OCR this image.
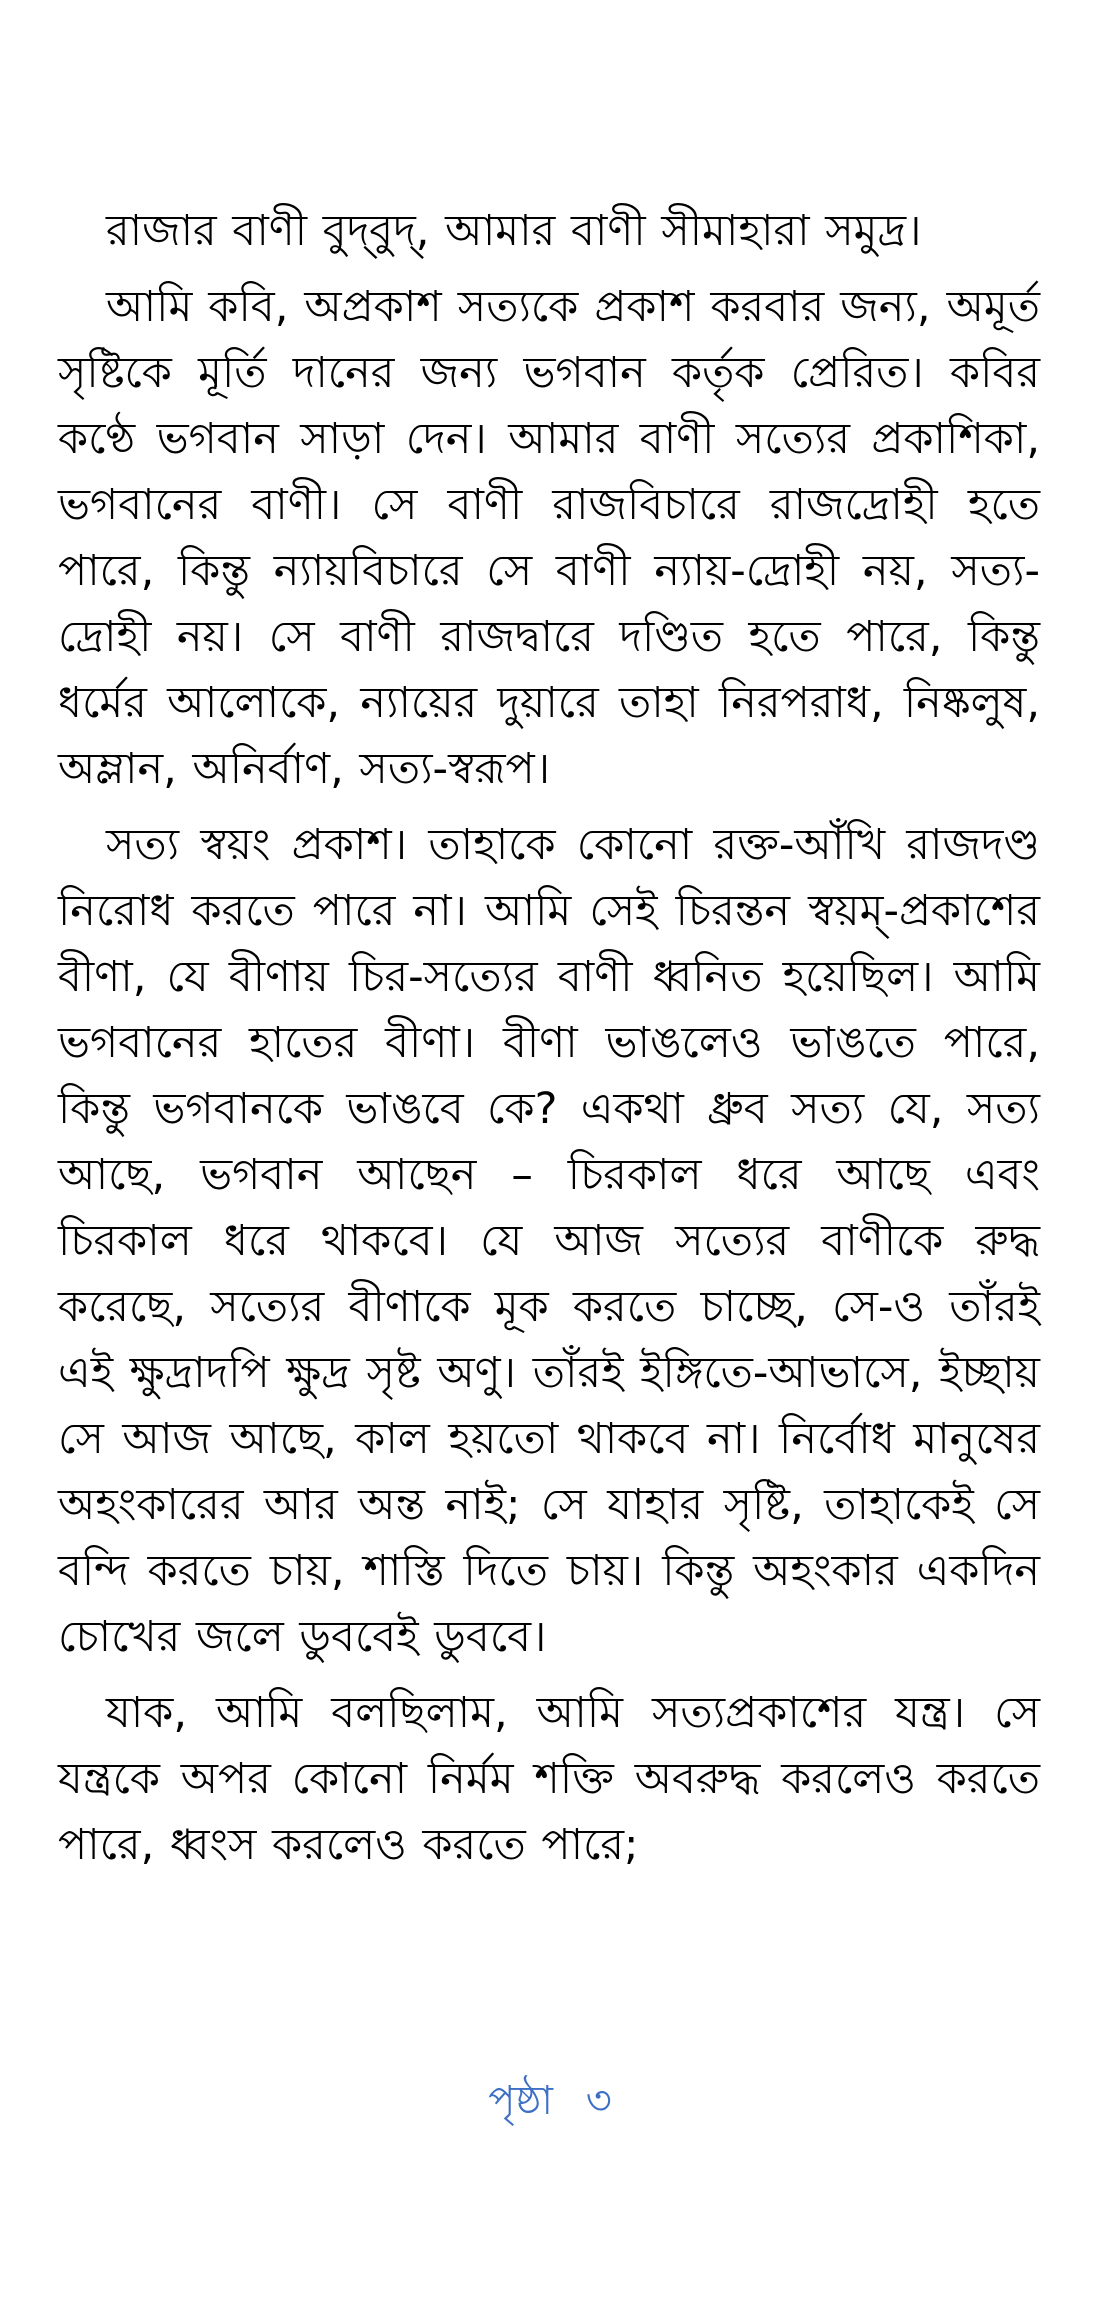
রাজার বাণী বুদ্‌বুদ্‌, আমার বাণী সীমাহারা সমুদ্র।

আমি কবি, অপ্রকাশ সত্যকে প্রকাশ করবার জন্য, অমূর্ত সৃষ্টিকে মূর্তি দানের জন্য ভগবান কর্তৃক প্রেরিত। কবির কণ্ঠে ভগবান সাড়া দেন। আমার বাণী সত্যের প্রকাশিকা, ভগবানের বাণী। সে বাণী রাজবিচারে রাজদ্রোহী হতে পারে, কিন্তু ন্যায়বিচারে সে বাণী ন্যায়-দ্রোহী নয়, সত্য-দ্রোহী নয়। সে বাণী রাজদ্বারে দণ্ডিত হতে পারে, কিন্তু ধর্মের আলোকে, ন্যায়ের দুয়ারে তাহা নিরপরাধ, নিষ্কলুষ, অম্লান, অনির্বাণ, সত্য-স্বরূপ।

সত্য স্বয়ং প্রকাশ। তাহাকে কোনো রক্ত-আঁখি রাজদণ্ড নিরোধ করতে পারে না। আমি সেই চিরন্তন স্বয়ম্‌-প্রকাশের বীণা, যে বীণায় চির-সত্যের বাণী ধ্বনিত হয়েছিল। আমি ভগবানের হাতের বীণা। বীণা ভাঙলেও ভাঙতে পারে, কিন্তু ভগবানকে ভাঙবে কে? একথা ধ্রুব সত্য যে, সত্য আছে, ভগবান আছেন – চিরকাল ধরে আছে এবং চিরকাল ধরে থাকবে। যে আজ সত্যের বাণীকে রুদ্ধ করেছে, সত্যের বীণাকে মূক করতে চাচ্ছে, সে-ও তাঁরই এই ক্ষুদ্রাদপি ক্ষুদ্র সৃষ্ট অণু। তাঁরই ইঙ্গিতে-আভাসে, ইচ্ছায় সে আজ আছে, কাল হয়তো থাকবে না। নির্বোধ মানুষের অহংকারের আর অন্ত নাই; সে যাহার সৃষ্টি, তাহাকেই সে বন্দি করতে চায়, শাস্তি দিতে চায়। কিন্তু অহংকার একদিন চোখের জলে ডুববেই ডুববে।

যাক, আমি বলছিলাম, আমি সত্যপ্রকাশের যন্ত্র। সে যন্ত্রকে অপর কোনো নির্মম শক্তি অবরুদ্ধ করলেও করতে পারে, ধ্বংস করলেও করতে পারে;

পৃষ্ঠা ৩
